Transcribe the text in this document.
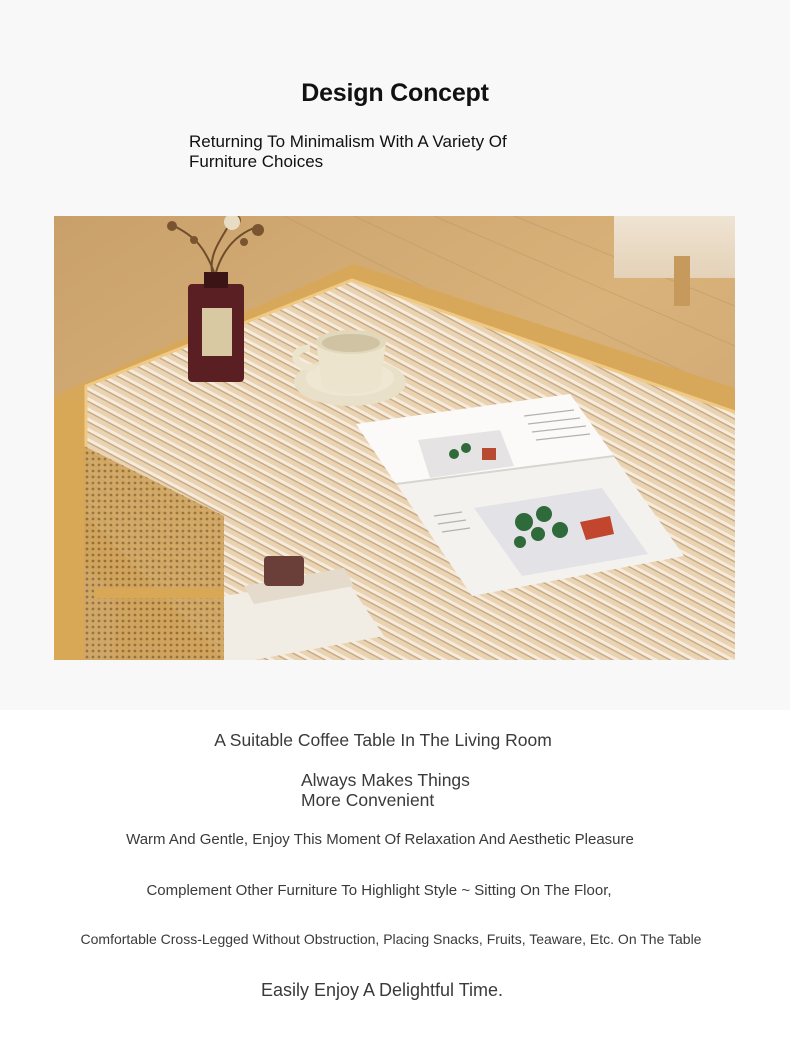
Design Concept

Returning To Minimalism With A Variety Of Furniture Choices

A Suitable Coffee Table In The Living Room

Always Makes Things More Convenient

Warm And Gentle, Enjoy This Moment Of Relaxation And Aesthetic Pleasure

Complement Other Furniture To Highlight Style ~ Sitting On The Floor,

Comfortable Cross-Legged Without Obstruction, Placing Snacks, Fruits, Teaware, Etc. On The Table

Easily Enjoy A Delightful Time.
